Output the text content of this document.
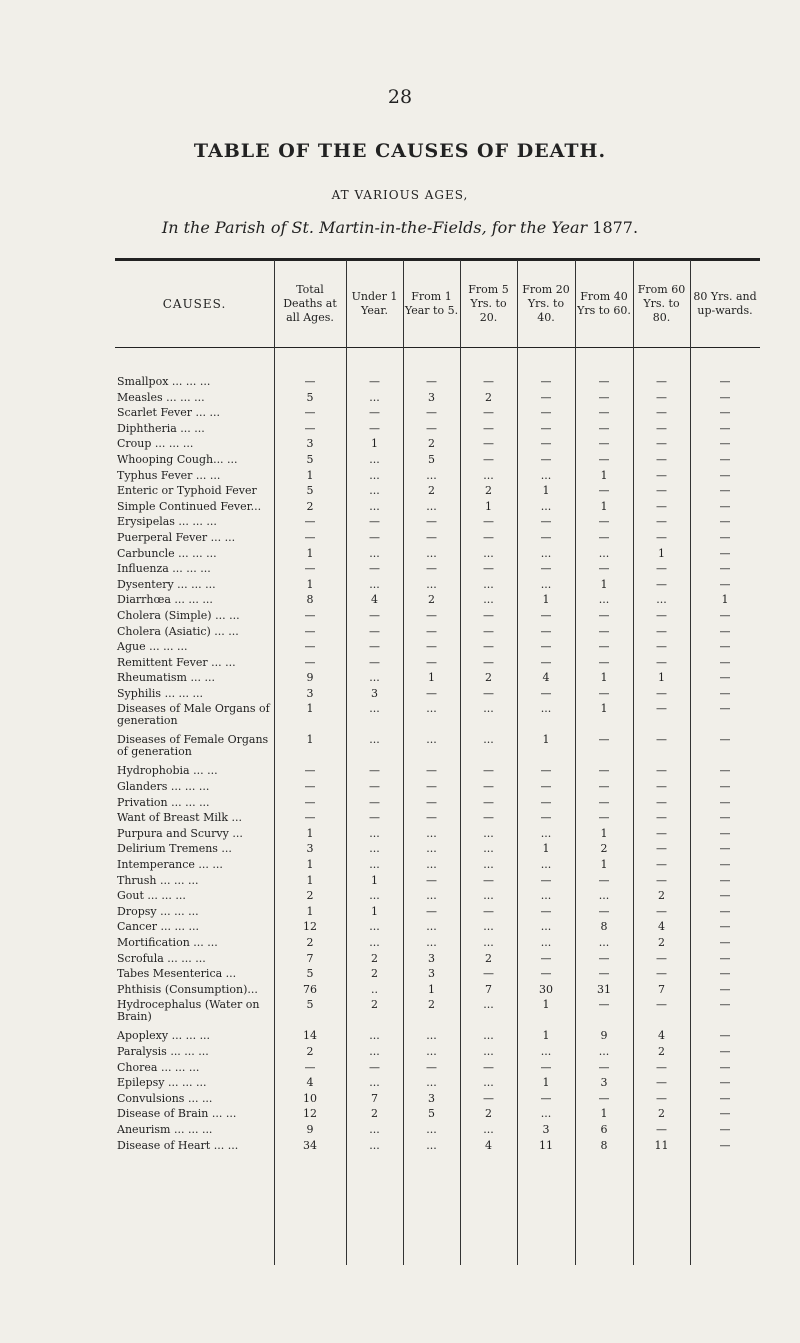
28
TABLE OF THE CAUSES OF DEATH.
AT VARIOUS AGES,
In the Parish of St. Martin-in-the-Fields, for the Year 1877.
CAUSES.	Total Deaths at all Ages.	Under 1 Year.	From 1 Year to 5.	From 5 Yrs. to 20.	From 20 Yrs. to 40.	From 40 Yrs to 60.	From 60 Yrs. to 80.	80 Yrs. and up-wards.
Smallpox ... ... ...	—	—	—	—	—	—	—	—
Measles ... ... ...	5	...	3	2	—	—	—	—
Scarlet Fever ... ...	—	—	—	—	—	—	—	—
Diphtheria ... ...	—	—	—	—	—	—	—	—
Croup ... ... ...	3	1	2	—	—	—	—	—
Whooping Cough... ...	5	...	5	—	—	—	—	—
Typhus Fever ... ...	1	...	...	...	...	1	—	—
Enteric or Typhoid Fever	5	...	2	2	1	—	—	—
Simple Continued Fever...	2	...	...	1	...	1	—	—
Erysipelas ... ... ...	—	—	—	—	—	—	—	—
Puerperal Fever ... ...	—	—	—	—	—	—	—	—
Carbuncle ... ... ...	1	...	...	...	...	...	1	—
Influenza ... ... ...	—	—	—	—	—	—	—	—
Dysentery ... ... ...	1	...	...	...	...	1	—	—
Diarrhœa ... ... ...	8	4	2	...	1	...	...	1
Cholera (Simple) ... ...	—	—	—	—	—	—	—	—
Cholera (Asiatic) ... ...	—	—	—	—	—	—	—	—
Ague ... ... ...	—	—	—	—	—	—	—	—
Remittent Fever ... ...	—	—	—	—	—	—	—	—
Rheumatism ... ...	9	...	1	2	4	1	1	—
Syphilis ... ... ...	3	3	—	—	—	—	—	—
Diseases of Male Organs of generation	1	...	...	...	...	1	—	—
Diseases of Female Organs of generation	1	...	...	...	1	—	—	—
Hydrophobia ... ...	—	—	—	—	—	—	—	—
Glanders ... ... ...	—	—	—	—	—	—	—	—
Privation ... ... ...	—	—	—	—	—	—	—	—
Want of Breast Milk ...	—	—	—	—	—	—	—	—
Purpura and Scurvy ...	1	...	...	...	...	1	—	—
Delirium Tremens ...	3	...	...	...	1	2	—	—
Intemperance ... ...	1	...	...	...	...	1	—	—
Thrush ... ... ...	1	1	—	—	—	—	—	—
Gout ... ... ...	2	...	...	...	...	...	2	—
Dropsy ... ... ...	1	1	—	—	—	—	—	—
Cancer ... ... ...	12	...	...	...	...	8	4	—
Mortification ... ...	2	...	...	...	...	...	2	—
Scrofula ... ... ...	7	2	3	2	—	—	—	—
Tabes Mesenterica ...	5	2	3	—	—	—	—	—
Phthisis (Consumption)...	76	..	1	7	30	31	7	—
Hydrocephalus (Water on Brain)	5	2	2	...	1	—	—	—
Apoplexy ... ... ...	14	...	...	...	1	9	4	—
Paralysis ... ... ...	2	...	...	...	...	...	2	—
Chorea ... ... ...	—	—	—	—	—	—	—	—
Epilepsy ... ... ...	4	...	...	...	1	3	—	—
Convulsions ... ...	10	7	3	—	—	—	—	—
Disease of Brain ... ...	12	2	5	2	...	1	2	—
Aneurism ... ... ...	9	...	...	...	3	6	—	—
Disease of Heart ... ...	34	...	...	4	11	8	11	—
